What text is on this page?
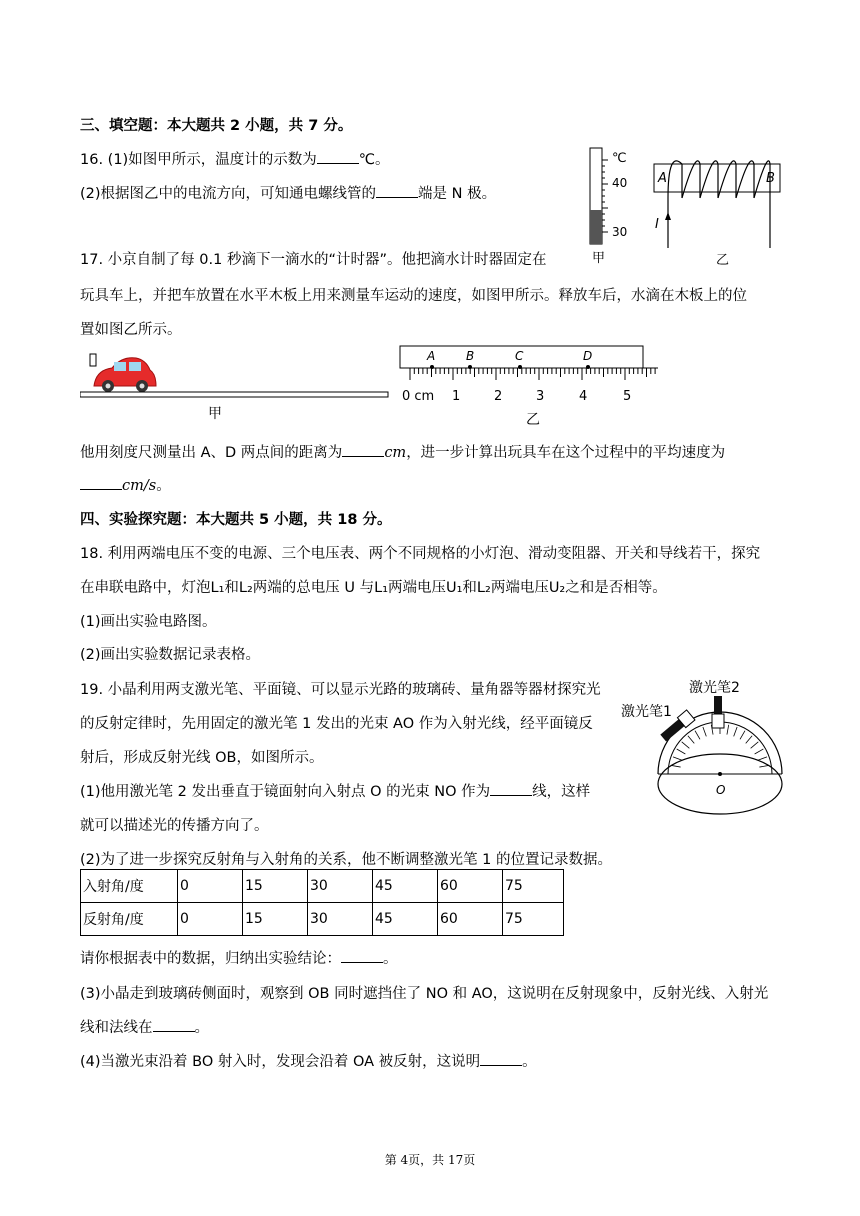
三、填空题：本大题共 2 小题，共 7 分。
16. (1)如图甲所示，温度计的示数为	℃。
(2)根据图乙中的电流方向，可知通电螺线管的	端是 N 极。
17. 小京自制了每 0.1 秒滴下一滴水的“计时器”。他把滴水计时器固定在
玩具车上，并把车放置在水平木板上用来测量车运动的速度，如图甲所示。释放车后，水滴在木板上的位
置如图乙所示。
℃
40
30
甲
A	B
I
乙
甲
A	B	C	D
0 cm 1	2	3	4	5
乙
他用刻度尺测量出 A、D 两点间的距离为	cm，进一步计算出玩具车在这个过程中的平均速度为
cm/s。
四、实验探究题：本大题共 5 小题，共 18 分。
18. 利用两端电压不变的电源、三个电压表、两个不同规格的小灯泡、滑动变阻器、开关和导线若干，探究
在串联电路中，灯泡L₁和L₂两端的总电压 U 与L₁两端电压U₁和L₂两端电压U₂之和是否相等。
(1)画出实验电路图。
(2)画出实验数据记录表格。
19. 小晶利用两支激光笔、平面镜、可以显示光路的玻璃砖、量角器等器材探究光
的反射定律时，先用固定的激光笔 1 发出的光束 AO 作为入射光线，经平面镜反
射后，形成反射光线 OB，如图所示。
(1)他用激光笔 2 发出垂直于镜面射向入射点 O 的光束 NO 作为	线，这样
就可以描述光的传播方向了。
(2)为了进一步探究反射角与入射角的关系，他不断调整激光笔 1 的位置记录数据。
激光笔2
激光笔1
O
入射角/度	0	15	30	45	60	75
反射角/度	0	15	30	45	60	75
请你根据表中的数据，归纳出实验结论：	。
(3)小晶走到玻璃砖侧面时，观察到 OB 同时遮挡住了 NO 和 AO，这说明在反射现象中，反射光线、入射光
线和法线在	。
(4)当激光束沿着 BO 射入时，发现会沿着 OA 被反射，这说明	。
第 4页，共 17页
